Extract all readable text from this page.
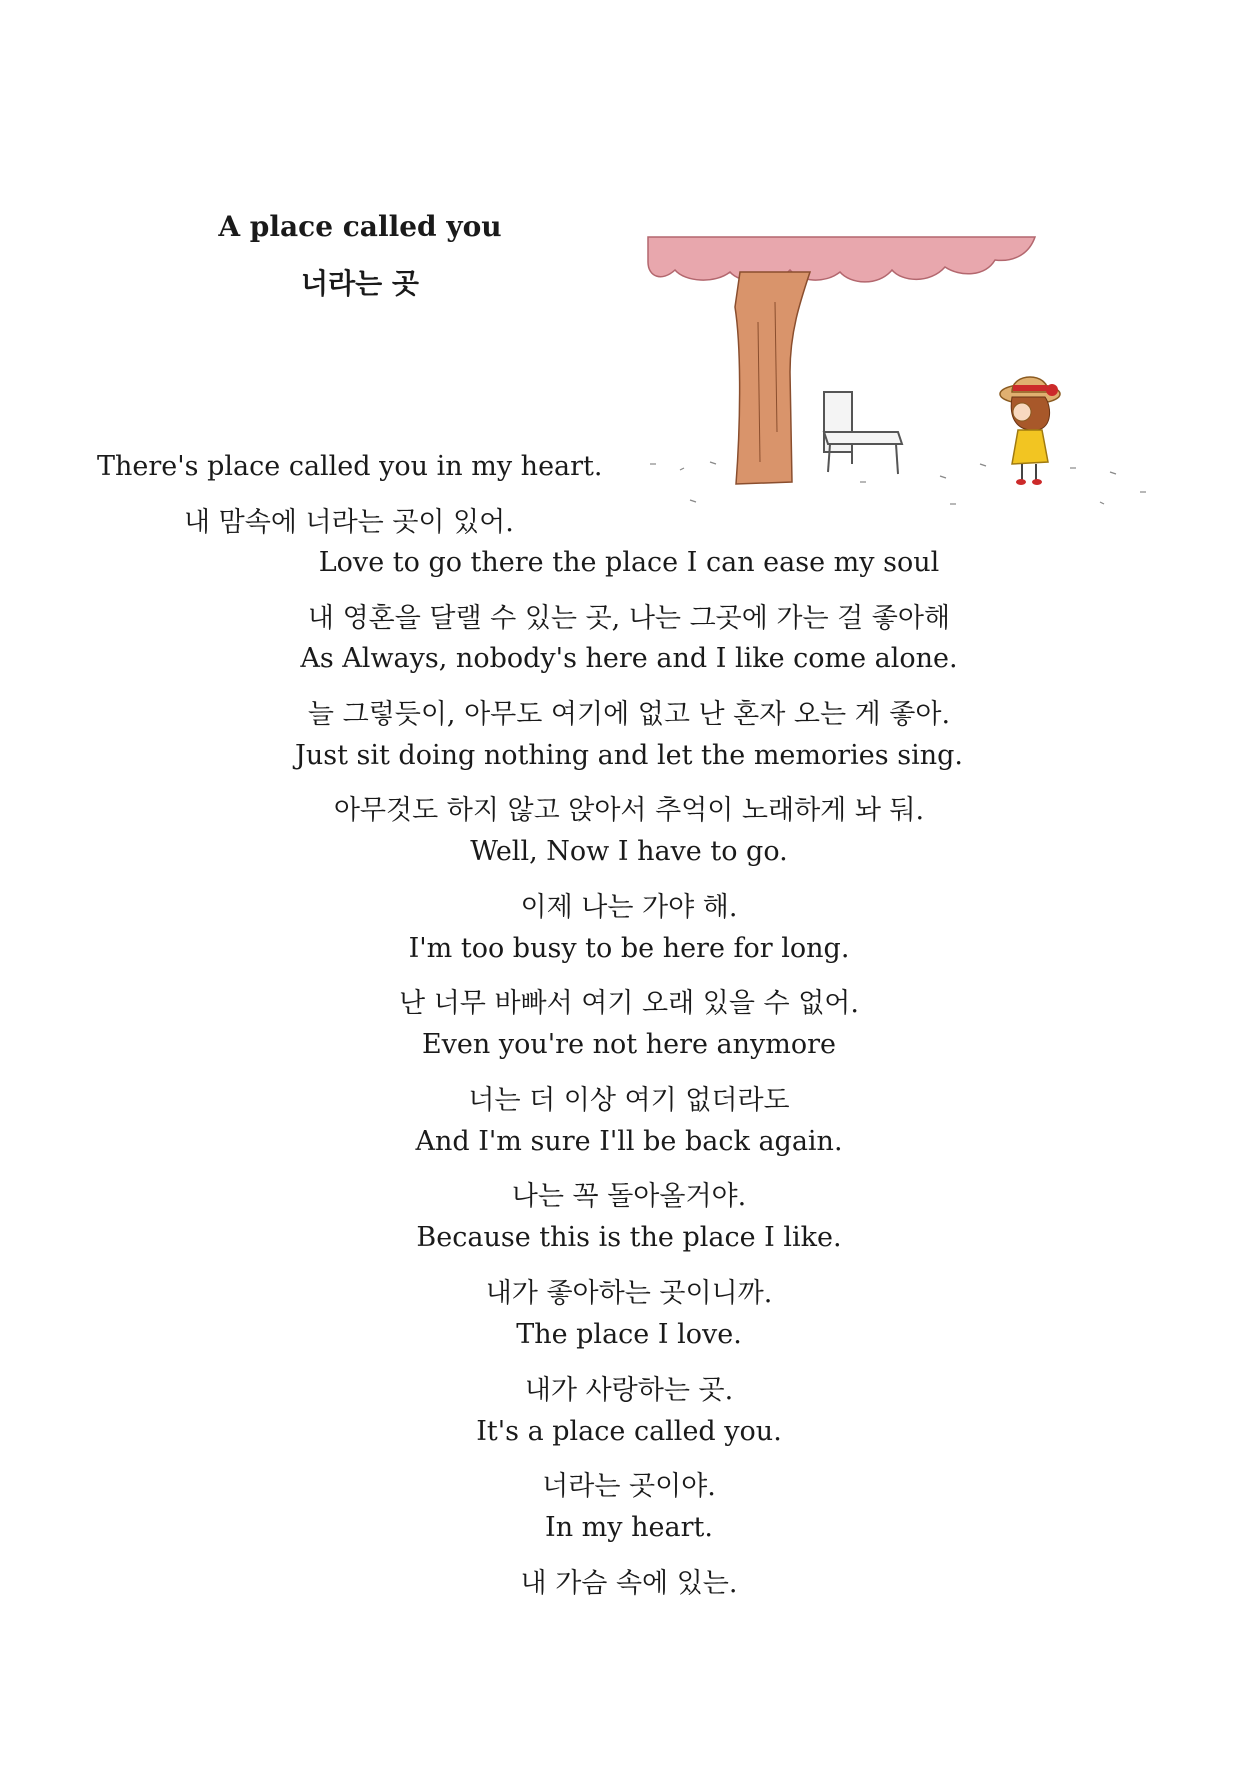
A place called you
너라는 곳

There's place called you in my heart.

내 맘속에 너라는 곳이 있어.

Love to go there the place I can ease my soul

내 영혼을 달랠 수 있는 곳, 나는 그곳에 가는 걸 좋아해

As Always, nobody's here and I like come alone.

늘 그렇듯이, 아무도 여기에 없고 난 혼자 오는 게 좋아.

Just sit doing nothing and let the memories sing.

아무것도 하지 않고 앉아서 추억이 노래하게 놔 둬.

Well, Now I have to go.

이제 나는 가야 해.

I'm too busy to be here for long.

난 너무 바빠서 여기 오래 있을 수 없어.

Even you're not here anymore

너는 더 이상 여기 없더라도

And I'm sure I'll be back again.

나는 꼭 돌아올거야.

Because this is the place I like.

내가 좋아하는 곳이니까.

The place I love.

내가 사랑하는 곳.

It's a place called you.

너라는 곳이야.

In my heart.

내 가슴 속에 있는.
